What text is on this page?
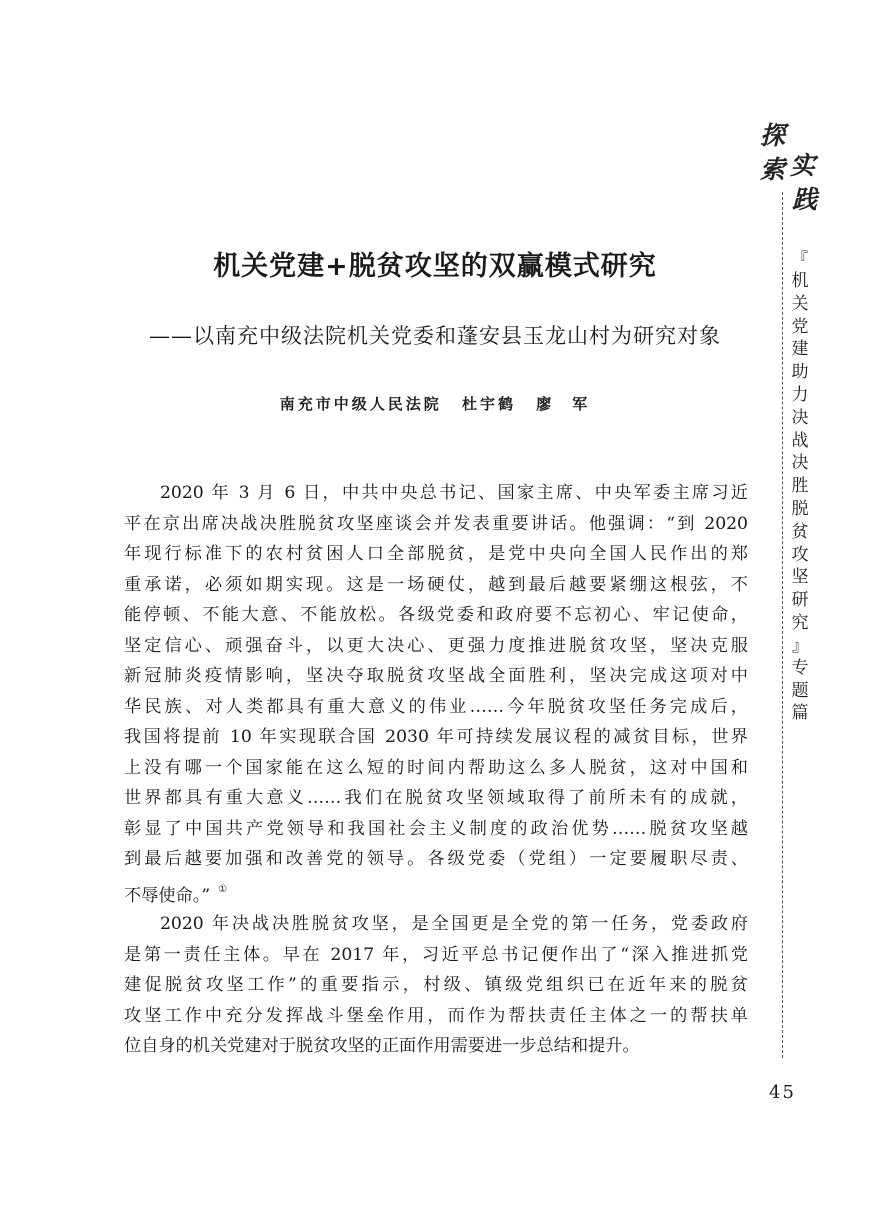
机关党建+脱贫攻坚的双赢模式研究
——以南充中级法院机关党委和蓬安县玉龙山村为研究对象
南充市中级人民法院 杜宇鹤 廖　军
2020 年 3 月 6 日，中共中央总书记、国家主席、中央军委主席习近
平在京出席决战决胜脱贫攻坚座谈会并发表重要讲话。他强调：“到 2020
年现行标准下的农村贫困人口全部脱贫，是党中央向全国人民作出的郑
重承诺，必须如期实现。这是一场硬仗，越到最后越要紧绷这根弦，不
能停顿、不能大意、不能放松。各级党委和政府要不忘初心、牢记使命，
坚定信心、顽强奋斗，以更大决心、更强力度推进脱贫攻坚，坚决克服
新冠肺炎疫情影响，坚决夺取脱贫攻坚战全面胜利，坚决完成这项对中
华民族、对人类都具有重大意义的伟业……今年脱贫攻坚任务完成后，
我国将提前 10 年实现联合国 2030 年可持续发展议程的减贫目标，世界
上没有哪一个国家能在这么短的时间内帮助这么多人脱贫，这对中国和
世界都具有重大意义……我们在脱贫攻坚领域取得了前所未有的成就，
彰显了中国共产党领导和我国社会主义制度的政治优势……脱贫攻坚越
到最后越要加强和改善党的领导。各级党委（党组）一定要履职尽责、
不辱使命。” ①
2020 年决战决胜脱贫攻坚，是全国更是全党的第一任务，党委政府
是第一责任主体。早在 2017 年，习近平总书记便作出了“深入推进抓党
建促脱贫攻坚工作”的重要指示，村级、镇级党组织已在近年来的脱贫
攻坚工作中充分发挥战斗堡垒作用，而作为帮扶责任主体之一的帮扶单
位自身的机关党建对于脱贫攻坚的正面作用需要进一步总结和提升。
探
索 实
践
『
机
关
党
建
助
力
决
战
决
胜
脱
贫
攻
坚
研
究
』
专
题
篇
45
